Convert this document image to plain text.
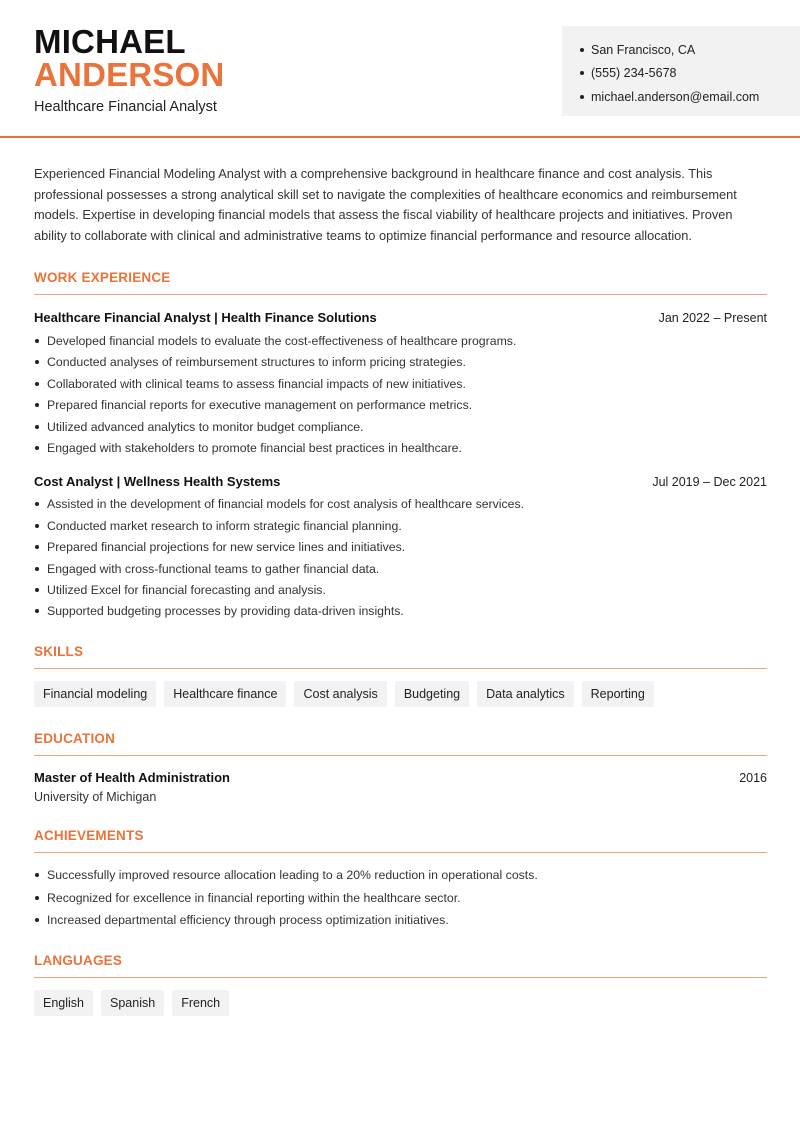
MICHAEL
ANDERSON
Healthcare Financial Analyst
San Francisco, CA
(555) 234-5678
michael.anderson@email.com

Experienced Financial Modeling Analyst with a comprehensive background in healthcare finance and cost analysis. This professional possesses a strong analytical skill set to navigate the complexities of healthcare economics and reimbursement models. Expertise in developing financial models that assess the fiscal viability of healthcare projects and initiatives. Proven ability to collaborate with clinical and administrative teams to optimize financial performance and resource allocation.

WORK EXPERIENCE
Healthcare Financial Analyst | Health Finance Solutions	Jan 2022 – Present
Developed financial models to evaluate the cost-effectiveness of healthcare programs.
Conducted analyses of reimbursement structures to inform pricing strategies.
Collaborated with clinical teams to assess financial impacts of new initiatives.
Prepared financial reports for executive management on performance metrics.
Utilized advanced analytics to monitor budget compliance.
Engaged with stakeholders to promote financial best practices in healthcare.
Cost Analyst | Wellness Health Systems	Jul 2019 – Dec 2021
Assisted in the development of financial models for cost analysis of healthcare services.
Conducted market research to inform strategic financial planning.
Prepared financial projections for new service lines and initiatives.
Engaged with cross-functional teams to gather financial data.
Utilized Excel for financial forecasting and analysis.
Supported budgeting processes by providing data-driven insights.
SKILLS
Financial modeling	Healthcare finance	Cost analysis	Budgeting	Data analytics	Reporting
EDUCATION
Master of Health Administration	2016
University of Michigan
ACHIEVEMENTS
Successfully improved resource allocation leading to a 20% reduction in operational costs.
Recognized for excellence in financial reporting within the healthcare sector.
Increased departmental efficiency through process optimization initiatives.
LANGUAGES
English	Spanish	French
